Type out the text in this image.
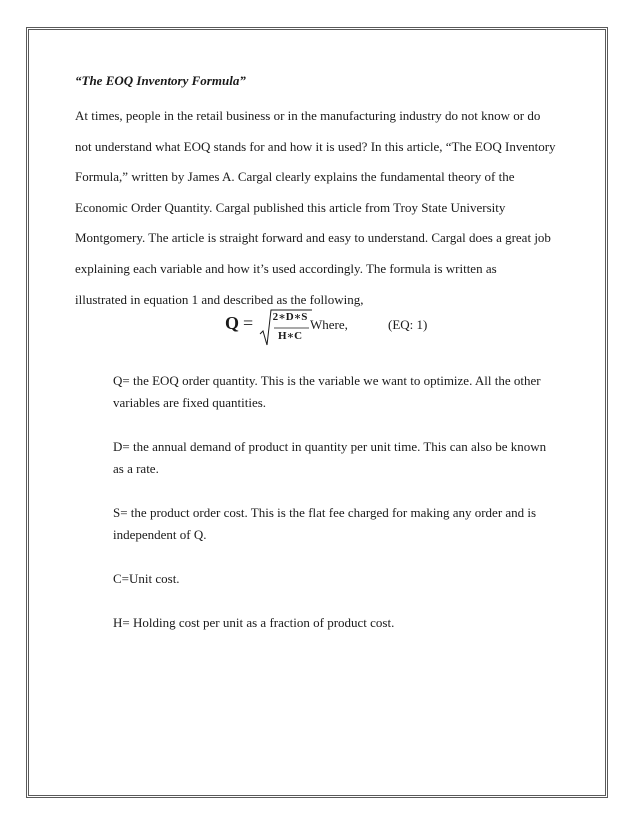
“The EOQ Inventory Formula”
At times, people in the retail business or in the manufacturing industry do not know or do
not understand what EOQ stands for and how it is used? In this article, “The EOQ Inventory
Formula,” written by James A. Cargal clearly explains the fundamental theory of the
Economic Order Quantity. Cargal published this article from Troy State University
Montgomery. The article is straight forward and easy to understand. Cargal does a great job
explaining each variable and how it’s used accordingly. The formula is written as
illustrated in equation 1 and described as the following,
Q = 2∗D∗S
H∗C
Where,	(EQ: 1)
Q= the EOQ order quantity. This is the variable we want to optimize. All the other
variables are fixed quantities.
D= the annual demand of product in quantity per unit time. This can also be known
as a rate.
S= the product order cost. This is the flat fee charged for making any order and is
independent of Q.
C=Unit cost.
H= Holding cost per unit as a fraction of product cost.
